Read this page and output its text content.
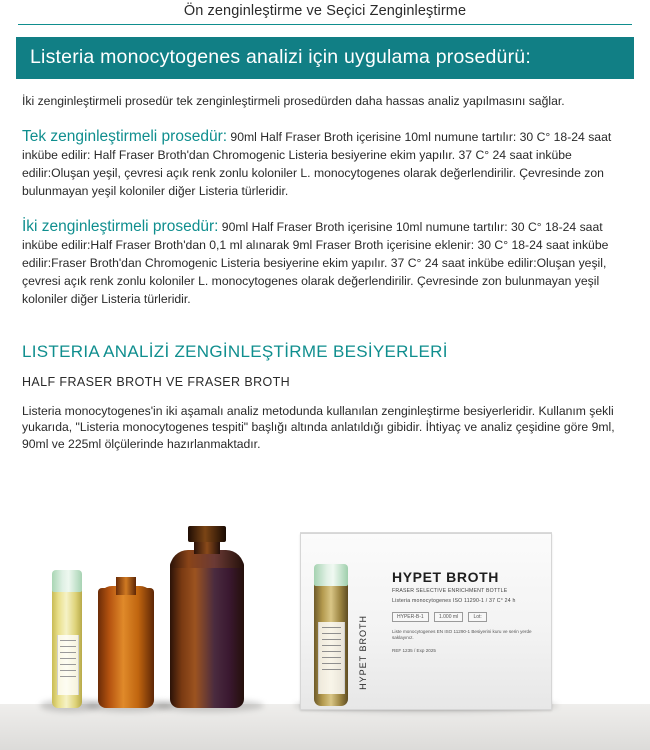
Ön zenginleştirme ve Seçici Zenginleştirme
Listeria monocytogenes analizi için uygulama prosedürü:

İki zenginleştirmeli prosedür tek zenginleştirmeli prosedürden daha hassas analiz yapılmasını sağlar.

Tek zenginleştirmeli prosedür: 90ml Half Fraser Broth içerisine 10ml numune tartılır: 30 C° 18-24 saat inkübe edilir: Half Fraser Broth'dan Chromogenic Listeria besiyerine ekim yapılır. 37 C° 24 saat inkübe edilir:Oluşan yeşil, çevresi açık renk zonlu koloniler L. monocytogenes olarak değerlendirilir. Çevresinde zon bulunmayan yeşil koloniler diğer Listeria türleridir.
İki zenginleştirmeli prosedür: 90ml Half Fraser Broth içerisine 10ml numune tartılır: 30 C° 18-24 saat inkübe edilir:Half Fraser Broth'dan 0,1 ml alınarak 9ml Fraser Broth içerisine eklenir: 30 C° 18-24 saat inkübe edilir:Fraser Broth'dan Chromogenic Listeria besiyerine ekim yapılır. 37 C° 24 saat inkübe edilir:Oluşan yeşil, çevresi açık renk zonlu koloniler L. monocytogenes olarak değerlendirilir. Çevresinde zon bulunmayan yeşil koloniler diğer Listeria türleridir.
LISTERIA ANALİZİ ZENGİNLEŞTİRME BESİYERLERİ
HALF FRASER BROTH VE FRASER BROTH

Listeria monocytogenes'in iki aşamalı analiz metodunda kullanılan zenginleştirme besiyerleridir. Kullanım şekli yukarıda, "Listeria monocytogenes tespiti" başlığı altında anlatıldığı gibidir. İhtiyaç ve analiz çeşidine göre 9ml, 90ml ve 225ml ölçülerinde hazırlanmaktadır.

HYPET BROTH
FRASER SELECTIVE ENRICHMENT BOTTLE
Listeria monocytogenes ISO 11290-1 / 37 C° 24 h
HYPER-B-1	1.000 ml	Lot:
Liste monocytogenes EN ISO 11290-1 Besiyerini kuru ve serin yerde saklayınız.
REF 1235 / Exp 2025
HYPET BROTH
